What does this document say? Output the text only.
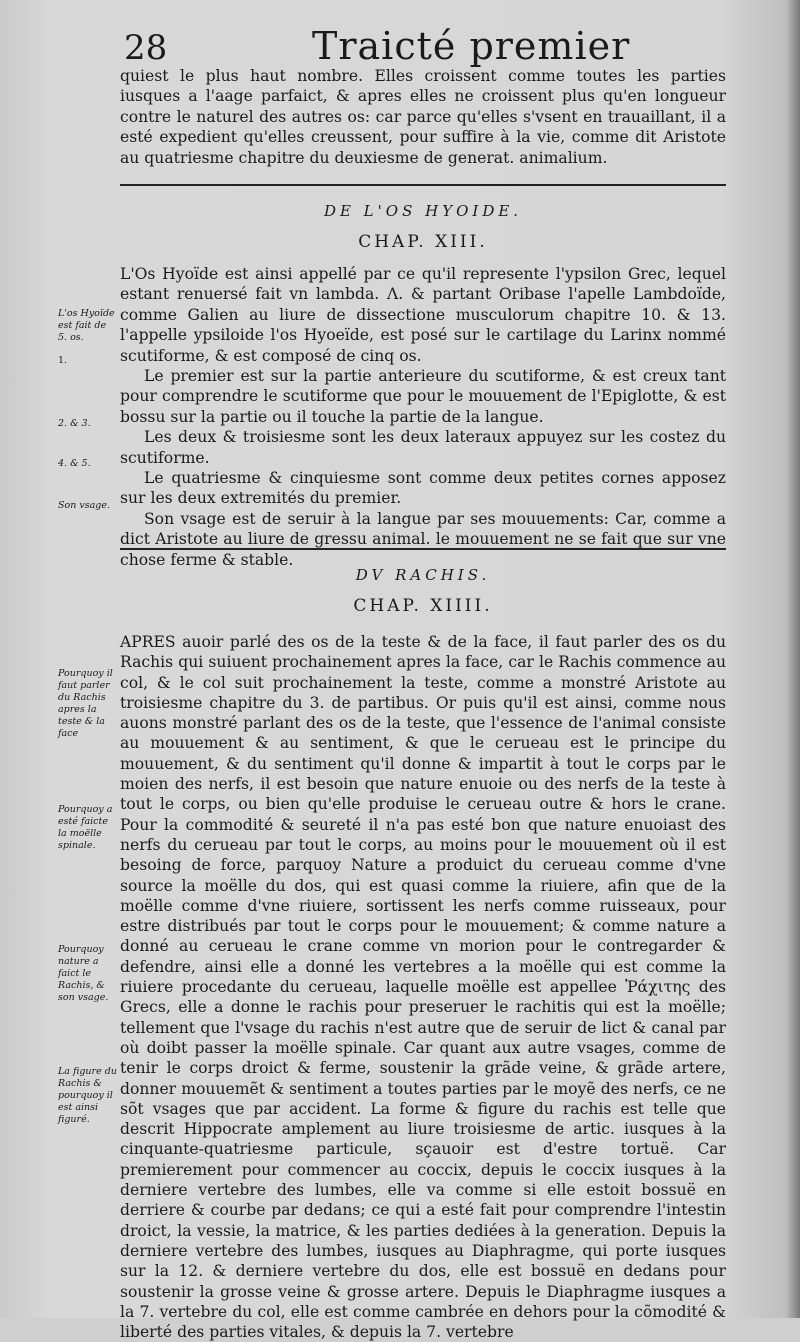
28	Traicté premier

quiest le plus haut nombre. Elles croissent comme toutes les parties iusques a l'aage parfaict, & apres elles ne croissent plus qu'en longueur contre le naturel des autres os: car parce qu'elles s'vsent en trauaillant, il a esté expedient qu'elles creussent, pour suffire à la vie, comme dit Aristote au quatriesme chapitre du deuxiesme de generat. animalium.

DE L'OS HYOIDE.
CHAP. XIII.

L'Os Hyoïde est ainsi appellé par ce qu'il represente l'ypsilon Grec, lequel estant renuersé fait vn lambda. Λ. & partant Oribase l'apelle Lambdoïde, comme Galien au liure de dissectione musculorum chapitre 10. & 13. l'appelle ypsiloide l'os Hyoeïde, est posé sur le cartilage du Larinx nommé scutiforme, & est composé de cinq os.

Le premier est sur la partie anterieure du scutiforme, & est creux tant pour comprendre le scutiforme que pour le mouuement de l'Epiglotte, & est bossu sur la partie ou il touche la partie de la langue.

Les deux & troisiesme sont les deux lateraux appuyez sur les costez du scutiforme.

Le quatriesme & cinquiesme sont comme deux petites cornes apposez sur les deux extremités du premier.

Son vsage est de seruir à la langue par ses mouuements: Car, comme a dict Aristote au liure de gressu animal. le mouuement ne se fait que sur vne chose ferme & stable.

L'os Hyoïde est fait de 5. os.
1.
2. & 3.
4. & 5.
Son vsage.
DV RACHIS.
CHAP. XIIII.

APRES auoir parlé des os de la teste & de la face, il faut parler des os du Rachis qui suiuent prochainement apres la face, car le Rachis commence au col, & le col suit prochainement la teste, comme a monstré Aristote au troisiesme chapitre du 3. de partibus. Or puis qu'il est ainsi, comme nous auons monstré parlant des os de la teste, que l'essence de l'animal consiste au mouuement & au sentiment, & que le cerueau est le principe du mouuement, & du sentiment qu'il donne & impartit à tout le corps par le moien des nerfs, il est besoin que nature enuoie ou des nerfs de la teste à tout le corps, ou bien qu'elle produise le cerueau outre & hors le crane. Pour la commodité & seureté il n'a pas esté bon que nature enuoiast des nerfs du cerueau par tout le corps, au moins pour le mouuement où il est besoing de force, parquoy Nature a produict du cerueau comme d'vne source la moëlle du dos, qui est quasi comme la riuiere, afin que de la moëlle comme d'vne riuiere, sortissent les nerfs comme ruisseaux, pour estre distribués par tout le corps pour le mouuement; & comme nature a donné au cerueau le crane comme vn morion pour le contregarder & defendre, ainsi elle a donné les vertebres a la moëlle qui est comme la riuiere procedante du cerueau, laquelle moëlle est appellee Ῥάχιτης des Grecs, elle a donne le rachis pour preseruer le rachitis qui est la moëlle; tellement que l'vsage du rachis n'est autre que de seruir de lict & canal par où doibt passer la moëlle spinale. Car quant aux autre vsages, comme de tenir le corps droict & ferme, soustenir la grãde veine, & grãde artere, donner mouuemẽt & sentiment a toutes parties par le moyẽ des nerfs, ce ne sõt vsages que par accident. La forme & figure du rachis est telle que descrit Hippocrate amplement au liure troisiesme de artic. iusques à la cinquante-quatriesme particule, sçauoir est d'estre tortuë. Car premierement pour commencer au coccix, depuis le coccix iusques à la derniere vertebre des lumbes, elle va comme si elle estoit bossuë en derriere & courbe par dedans; ce qui a esté fait pour comprendre l'intestin droict, la vessie, la matrice, & les parties dediées à la generation. Depuis la derniere vertebre des lumbes, iusques au Diaphragme, qui porte iusques sur la 12. & derniere vertebre du dos, elle est bossuë en dedans pour soustenir la grosse veine & grosse artere. Depuis le Diaphragme iusques a la 7. vertebre du col, elle est comme cambrée en dehors pour la cõmodité & liberté des parties vitales, & depuis la 7. vertebre

Pourquoy il faut parler du Rachis apres la teste & la face
Pourquoy a esté faicte la moëlle spinale.
Pourquoy nature a faict le Rachis, & son vsage.
La figure du Rachis & pourquoy il est ainsi figuré.
